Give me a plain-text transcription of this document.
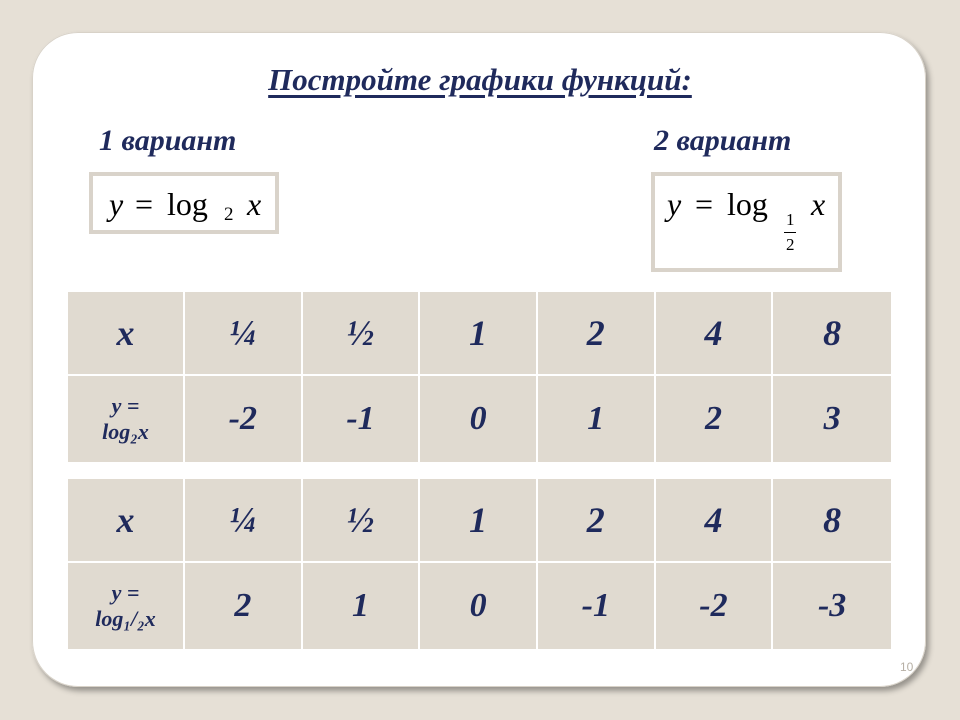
Постройте графики функций:
1 вариант	2 вариант
y = log 2 x	y = log 1
2
x
x	¼	½	1	2	4	8

y =
log₂x	-2	-1	0	1	2	3
x	¼	½	1	2	4	8

y =
log₁/₂x	2	1	0	-1	-2	-3
10
